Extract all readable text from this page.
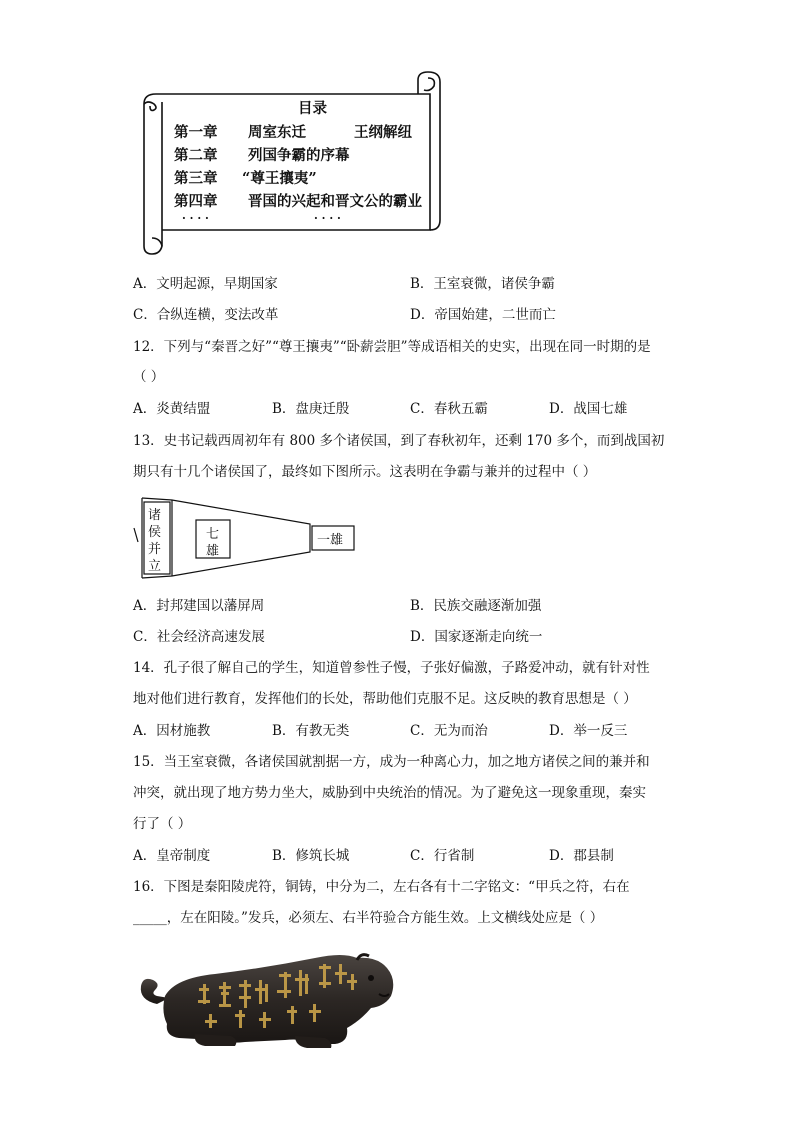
目录
第一章 周室东迁	王纲解纽
第二章 列国争霸的序幕
第三章 “尊王攘夷”
第四章 晋国的兴起和晋文公的霸业
· · · ·	· · · ·
A．文明起源，早期国家	B．王室衰微，诸侯争霸
C．合纵连横，变法改革	D．帝国始建，二世而亡
12．下列与“秦晋之好”“尊王攘夷”“卧薪尝胆”等成语相关的史实，出现在同一时期的是
（ ）
A．炎黄结盟	B．盘庚迁殷	C．春秋五霸	D．战国七雄
13．史书记载西周初年有 800 多个诸侯国，到了春秋初年，还剩 170 多个，而到战国初
期只有十几个诸侯国了，最终如下图所示。这表明在争霸与兼并的过程中（ ）
诸
侯
并
立
七
雄
一雄
A．封邦建国以藩屏周	B．民族交融逐渐加强
C．社会经济高速发展	D．国家逐渐走向统一
14．孔子很了解自己的学生，知道曾参性子慢，子张好偏激，子路爱冲动，就有针对性
地对他们进行教育，发挥他们的长处，帮助他们克服不足。这反映的教育思想是（ ）
A．因材施教	B．有教无类	C．无为而治	D．举一反三
15．当王室衰微，各诸侯国就割据一方，成为一种离心力，加之地方诸侯之间的兼并和
冲突，就出现了地方势力坐大，威胁到中央统治的情况。为了避免这一现象重现，秦实
行了（ ）
A．皇帝制度	B．修筑长城	C．行省制	D．郡县制
16．下图是秦阳陵虎符，铜铸，中分为二，左右各有十二字铭文：“甲兵之符，右在
_____，左在阳陵。”发兵，必须左、右半符验合方能生效。上文横线处应是（ ）
